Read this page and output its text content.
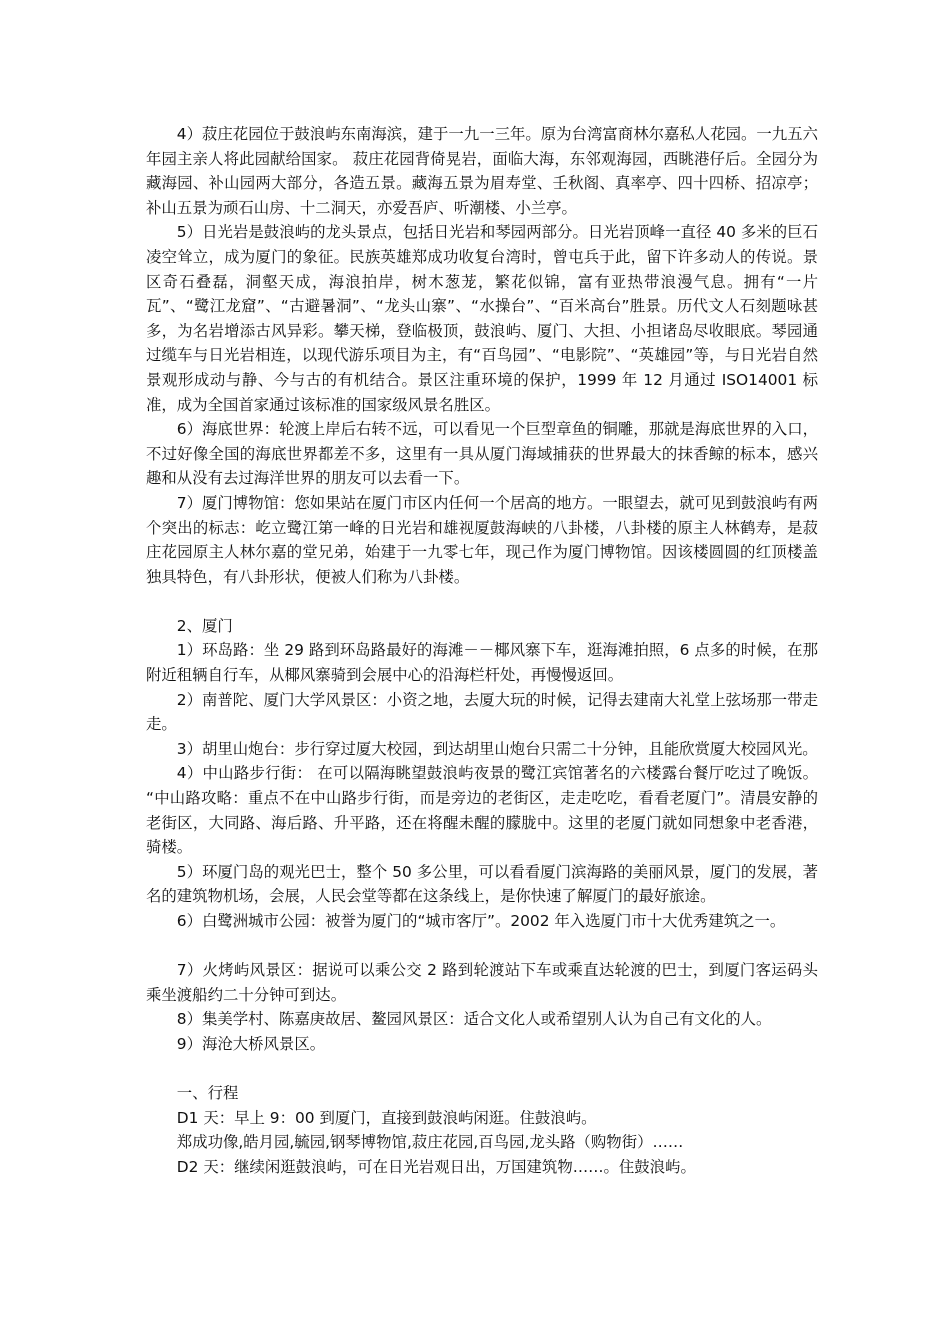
4）菽庄花园位于鼓浪屿东南海滨，建于一九一三年。原为台湾富商林尔嘉私人花园。一九五六年园主亲人将此园献给国家。 菽庄花园背倚晃岩，面临大海，东邻观海园，西眺港仔后。全园分为藏海园、补山园两大部分，各造五景。藏海五景为眉寿堂、壬秋阁、真率亭、四十四桥、招凉亭；补山五景为顽石山房、十二洞天，亦爱吾庐、听潮楼、小兰亭。

5）日光岩是鼓浪屿的龙头景点，包括日光岩和琴园两部分。日光岩顶峰一直径 40 多米的巨石凌空耸立，成为厦门的象征。民族英雄郑成功收复台湾时，曾屯兵于此，留下许多动人的传说。景区奇石叠磊，洞壑天成，海浪拍岸，树木葱茏，繁花似锦，富有亚热带浪漫气息。拥有“一片瓦”、“鹭江龙窟”、“古避暑洞”、“龙头山寨”、“水操台”、“百米高台”胜景。历代文人石刻题咏甚多，为名岩增添古风异彩。攀天梯，登临极顶，鼓浪屿、厦门、大担、小担诸岛尽收眼底。琴园通过缆车与日光岩相连，以现代游乐项目为主，有“百鸟园”、“电影院”、“英雄园”等，与日光岩自然景观形成动与静、今与古的有机结合。景区注重环境的保护，1999 年 12 月通过 ISO14001 标准，成为全国首家通过该标准的国家级风景名胜区。

6）海底世界：轮渡上岸后右转不远，可以看见一个巨型章鱼的铜雕，那就是海底世界的入口，不过好像全国的海底世界都差不多，这里有一具从厦门海域捕获的世界最大的抹香鲸的标本，感兴趣和从没有去过海洋世界的朋友可以去看一下。

7）厦门博物馆：您如果站在厦门市区内任何一个居高的地方。一眼望去，就可见到鼓浪屿有两个突出的标志：屹立鹭江第一峰的日光岩和雄视厦鼓海峡的八卦楼，八卦楼的原主人林鹤寿，是菽庄花园原主人林尔嘉的堂兄弟，始建于一九零七年，现己作为厦门博物馆。因该楼圆圆的红顶楼盖独具特色，有八卦形状，便被人们称为八卦楼。

2、厦门

1）环岛路：坐 29 路到环岛路最好的海滩－－椰风寨下车，逛海滩拍照，6 点多的时候，在那附近租辆自行车，从椰风寨骑到会展中心的沿海栏杆处，再慢慢返回。

2）南普陀、厦门大学风景区：小资之地，去厦大玩的时候，记得去建南大礼堂上弦场那一带走走。

3）胡里山炮台：步行穿过厦大校园，到达胡里山炮台只需二十分钟，且能欣赏厦大校园风光。

4）中山路步行街： 在可以隔海眺望鼓浪屿夜景的鹭江宾馆著名的六楼露台餐厅吃过了晚饭。 “中山路攻略：重点不在中山路步行街，而是旁边的老街区，走走吃吃，看看老厦门”。清晨安静的老街区，大同路、海后路、升平路，还在将醒未醒的朦胧中。这里的老厦门就如同想象中老香港，骑楼。

5）环厦门岛的观光巴士，整个 50 多公里，可以看看厦门滨海路的美丽风景，厦门的发展，著名的建筑物机场，会展，人民会堂等都在这条线上，是你快速了解厦门的最好旅途。

6）白鹭洲城市公园：被誉为厦门的“城市客厅”。2002 年入选厦门市十大优秀建筑之一。

7）火烤屿风景区：据说可以乘公交 2 路到轮渡站下车或乘直达轮渡的巴士，到厦门客运码头乘坐渡船约二十分钟可到达。

8）集美学村、陈嘉庚故居、鳌园风景区：适合文化人或希望别人认为自己有文化的人。

9）海沧大桥风景区。

一、行程

D1 天：早上 9：00 到厦门，直接到鼓浪屿闲逛。住鼓浪屿。

郑成功像,皓月园,毓园,钢琴博物馆,菽庄花园,百鸟园,龙头路（购物街）……

D2 天：继续闲逛鼓浪屿，可在日光岩观日出，万国建筑物……。住鼓浪屿。
